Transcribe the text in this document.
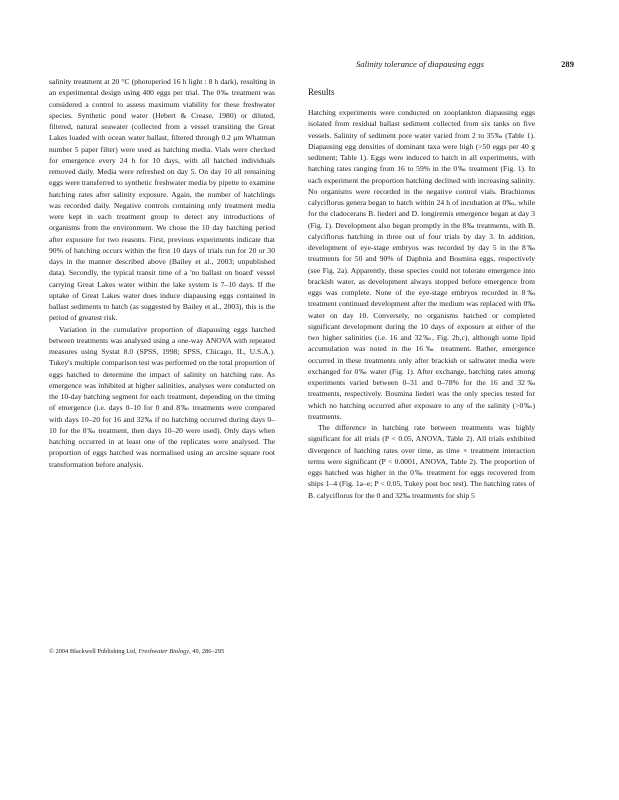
Salinity tolerance of diapausing eggs	289

salinity treatment at 20 °C (photoperiod 16 h light : 8 h dark), resulting in an experimental design using 400 eggs per trial. The 0‰ treatment was considered a control to assess maximum viability for these freshwater species. Synthetic pond water (Hebert & Crease, 1980) or diluted, filtered, natural seawater (collected from a vessel transiting the Great Lakes loaded with ocean water ballast, filtered through 0.2 μm Whatman number 5 paper filter) were used as hatching media. Vials were checked for emergence every 24 h for 10 days, with all hatched individuals removed daily. Media were refreshed on day 5. On day 10 all remaining eggs were transferred to synthetic freshwater media by pipette to examine hatching rates after salinity exposure. Again, the number of hatchlings was recorded daily. Negative controls containing only treatment media were kept in each treatment group to detect any introductions of organisms from the environment. We chose the 10 day hatching period after exposure for two reasons. First, previous experiments indicate that 90% of hatching occurs within the first 10 days of trials run for 20 or 30 days in the manner described above (Bailey et al., 2003; unpublished data). Secondly, the typical transit time of a 'no ballast on board' vessel carrying Great Lakes water within the lake system is 7–10 days. If the uptake of Great Lakes water does induce diapausing eggs contained in ballast sediments to hatch (as suggested by Bailey et al., 2003), this is the period of greatest risk.

Variation in the cumulative proportion of diapausing eggs hatched between treatments was analysed using a one-way ANOVA with repeated measures using Systat 8.0 (SPSS, 1998; SPSS, Chicago, IL, U.S.A.). Tukey's multiple comparison test was performed on the total proportion of eggs hatched to determine the impact of salinity on hatching rate. As emergence was inhibited at higher salinities, analyses were conducted on the 10-day hatching segment for each treatment, depending on the timing of emergence (i.e. days 0–10 for 0 and 8‰ treatments were compared with days 10–20 for 16 and 32‰ if no hatching occurred during days 0–10 for the 8‰ treatment, then days 10–20 were used). Only days when hatching occurred in at least one of the replicates were analysed. The proportion of eggs hatched was normalised using an arcsine square root transformation before analysis.

Results

Hatching experiments were conducted on zooplankton diapausing eggs isolated from residual ballast sediment collected from six tanks on five vessels. Salinity of sediment pore water varied from 2 to 35‰ (Table 1). Diapausing egg densities of dominant taxa were high (>50 eggs per 40 g sediment; Table 1). Eggs were induced to hatch in all experiments, with hatching rates ranging from 16 to 59% in the 0‰ treatment (Fig. 1). In each experiment the proportion hatching declined with increasing salinity. No organisms were recorded in the negative control vials. Brachionus calyciflorus genera began to hatch within 24 h of incubation at 0‰, while for the cladocerans B. liederi and D. longiremis emergence began at day 3 (Fig. 1). Development also began promptly in the 8‰ treatments, with B. calyciflorus hatching in three out of four trials by day 3. In addition, development of eye-stage embryos was recorded by day 5 in the 8‰ treatments for 50 and 90% of Daphnia and Bosmina eggs, respectively (see Fig. 2a). Apparently, these species could not tolerate emergence into brackish water, as development always stopped before emergence from eggs was complete. None of the eye-stage embryos recorded in 8‰ treatment continued development after the medium was replaced with 0‰ water on day 10. Conversely, no organisms hatched or completed significant development during the 10 days of exposure at either of the two higher salinities (i.e. 16 and 32‰, Fig. 2b,c), although some lipid accumulation was noted in the 16‰ treatment. Rather, emergence occurred in these treatments only after brackish or saltwater media were exchanged for 0‰ water (Fig. 1). After exchange, hatching rates among experiments varied between 0–31 and 0–78% for the 16 and 32‰ treatments, respectively. Bosmina liederi was the only species tested for which no hatching occurred after exposure to any of the salinity (>0‰) treatments.

The difference in hatching rate between treatments was highly significant for all trials (P < 0.05, ANOVA, Table 2). All trials exhibited divergence of hatching rates over time, as time × treatment interaction terms were significant (P < 0.0001, ANOVA, Table 2). The proportion of eggs hatched was higher in the 0‰ treatment for eggs recovered from ships 1–4 (Fig. 1a–e; P < 0.05, Tukey post hoc test). The hatching rates of B. calyciflorus for the 0 and 32‰ treatments for ship 5

© 2004 Blackwell Publishing Ltd, Freshwater Biology, 49, 286–295
